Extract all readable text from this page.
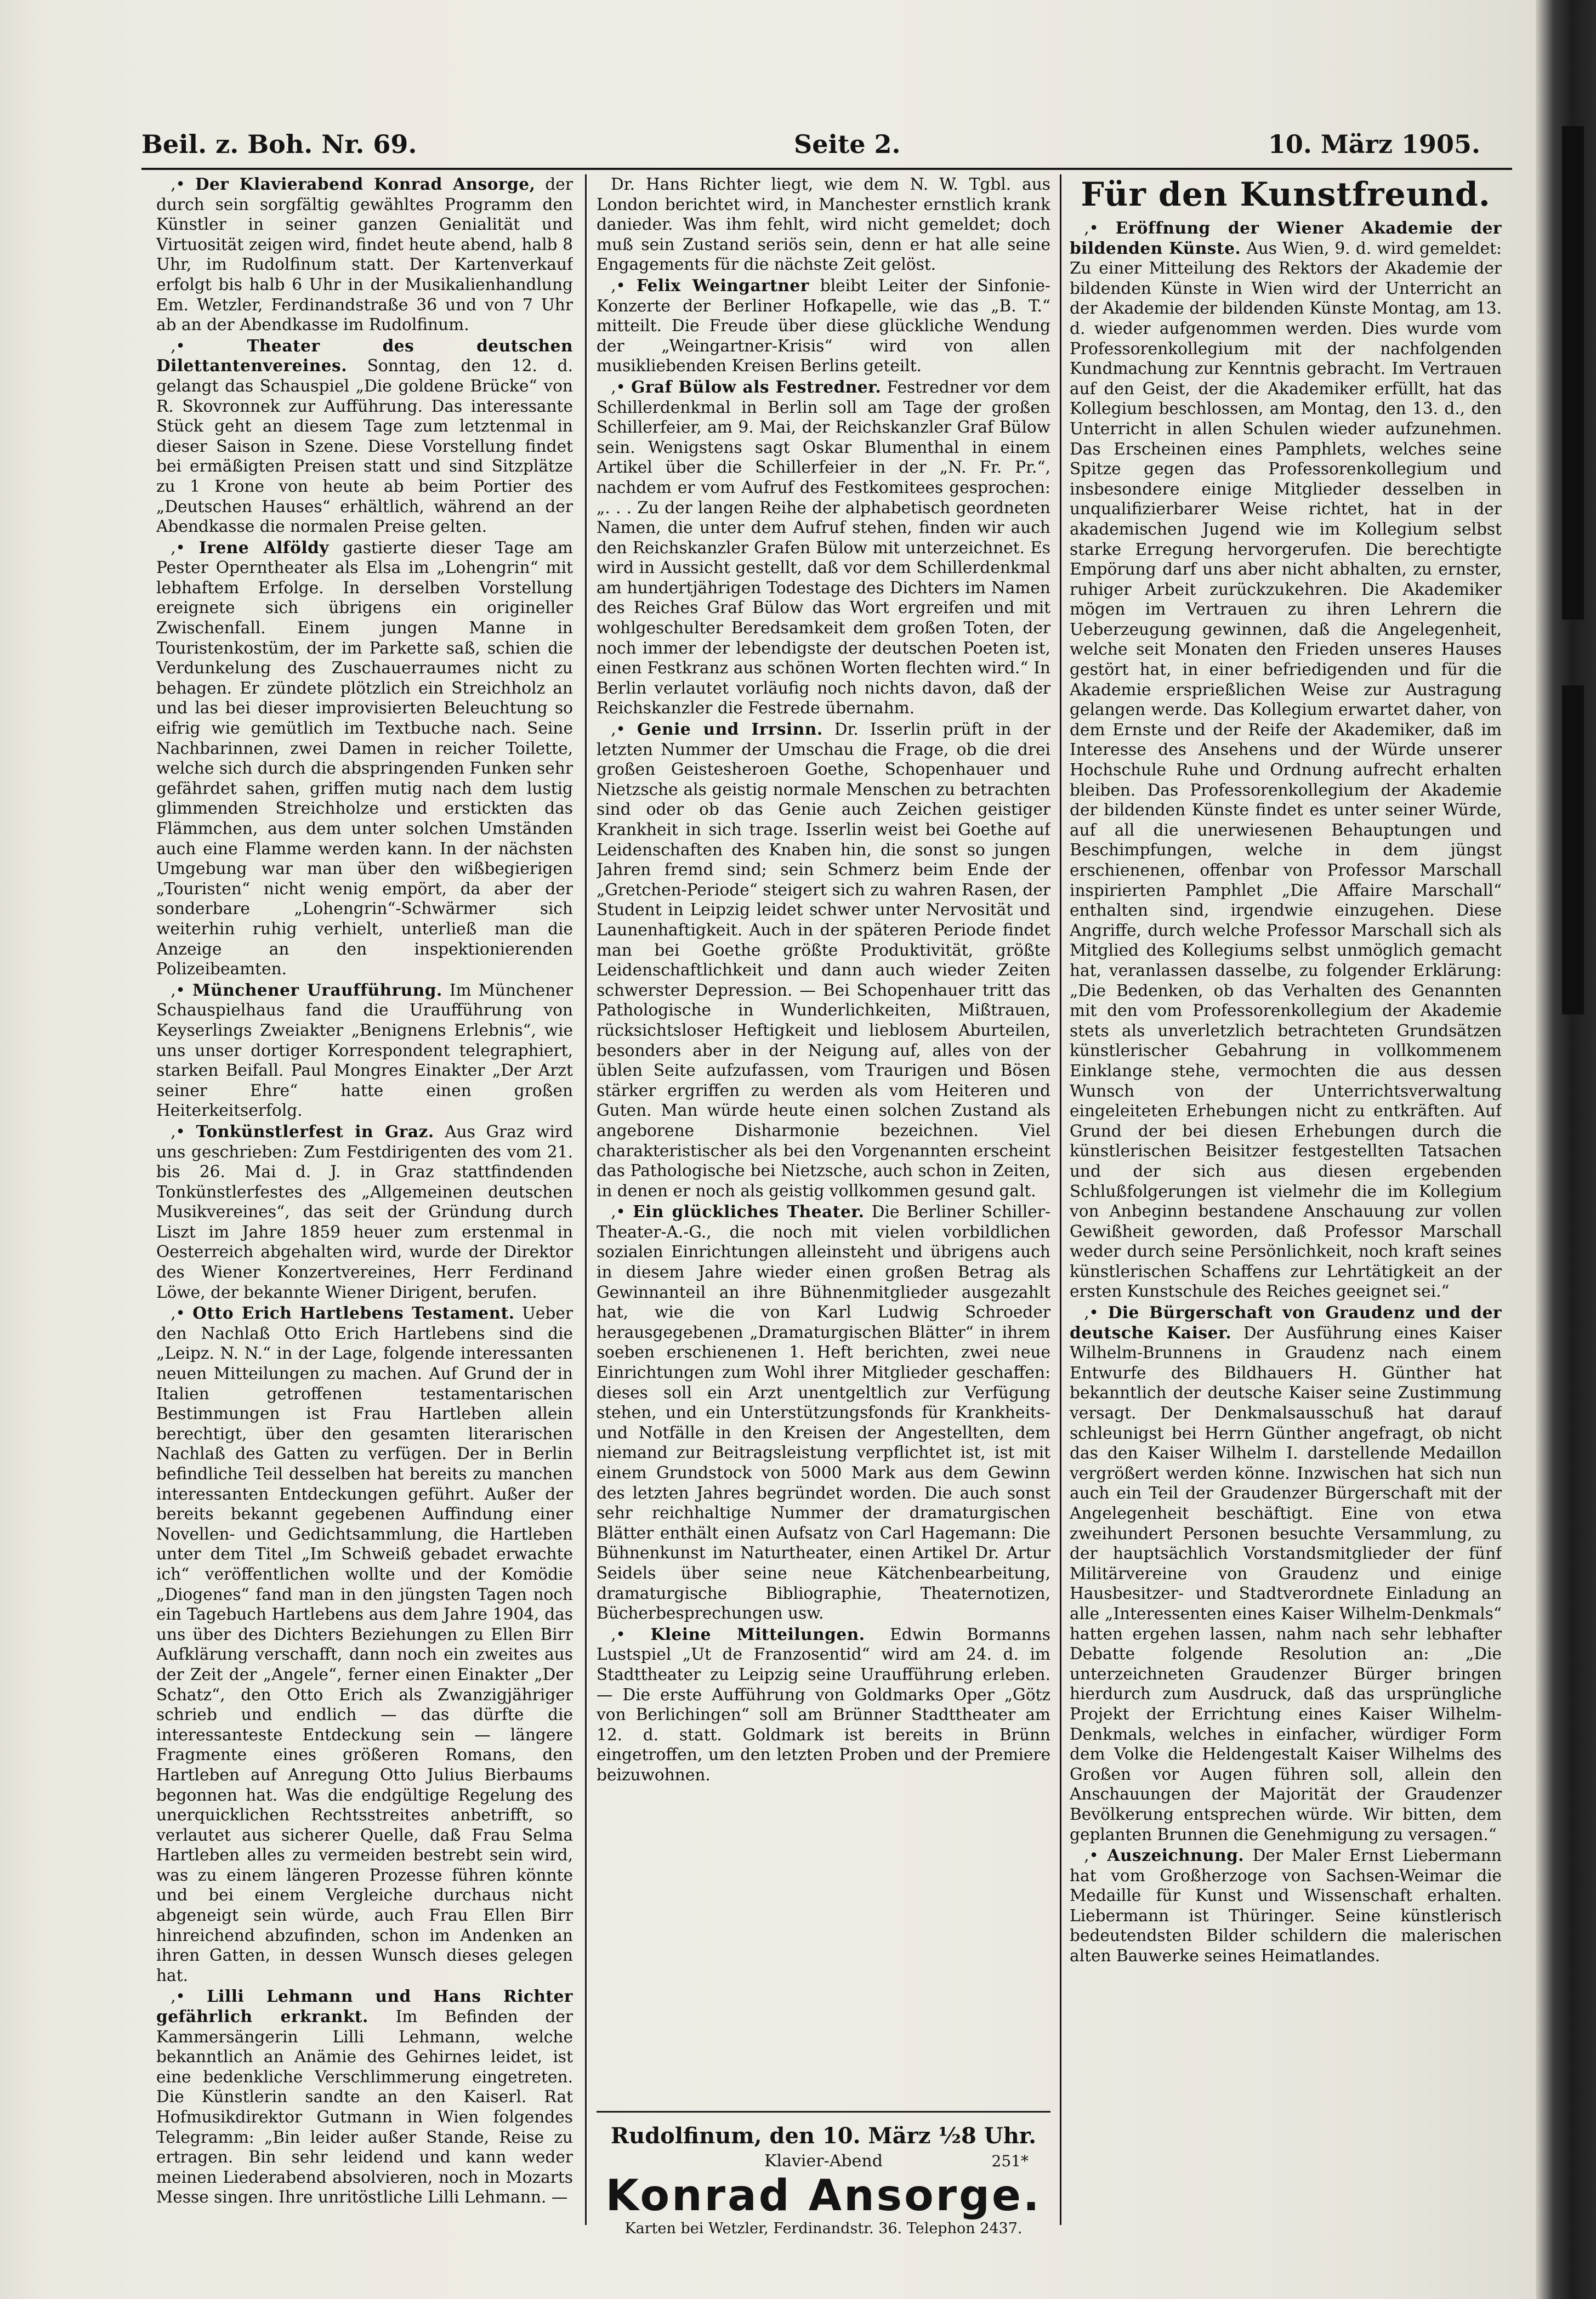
Beil. z. Boh. Nr. 69.	Seite 2.	10. März 1905.

‚• Der Klavierabend Konrad Ansorge, der durch sein sorgfältig gewähltes Programm den Künstler in seiner ganzen Genialität und Virtuosität zeigen wird, findet heute abend, halb 8 Uhr, im Rudolfinum statt. Der Kartenverkauf erfolgt bis halb 6 Uhr in der Musikalienhandlung Em. Wetzler, Ferdinandstraße 36 und von 7 Uhr ab an der Abendkasse im Rudolfinum.

‚• Theater des deutschen Dilettantenvereines. Sonntag, den 12. d. gelangt das Schauspiel „Die goldene Brücke“ von R. Skovronnek zur Aufführung. Das interessante Stück geht an diesem Tage zum letztenmal in dieser Saison in Szene. Diese Vorstellung findet bei ermäßigten Preisen statt und sind Sitzplätze zu 1 Krone von heute ab beim Portier des „Deutschen Hauses“ erhältlich, während an der Abendkasse die normalen Preise gelten.

‚• Irene Alföldy gastierte dieser Tage am Pester Operntheater als Elsa im „Lohengrin“ mit lebhaftem Erfolge. In derselben Vorstellung ereignete sich übrigens ein origineller Zwischenfall. Einem jungen Manne in Touristenkostüm, der im Parkette saß, schien die Verdunkelung des Zuschauerraumes nicht zu behagen. Er zündete plötzlich ein Streichholz an und las bei dieser improvisierten Beleuchtung so eifrig wie gemütlich im Textbuche nach. Seine Nachbarinnen, zwei Damen in reicher Toilette, welche sich durch die abspringenden Funken sehr gefährdet sahen, griffen mutig nach dem lustig glimmenden Streichholze und erstickten das Flämmchen, aus dem unter solchen Umständen auch eine Flamme werden kann. In der nächsten Umgebung war man über den wißbegierigen „Touristen“ nicht wenig empört, da aber der sonderbare „Lohengrin“-Schwärmer sich weiterhin ruhig verhielt, unterließ man die Anzeige an den inspektionierenden Polizeibeamten.

‚• Münchener Uraufführung. Im Münchener Schauspielhaus fand die Uraufführung von Keyserlings Zweiakter „Benignens Erlebnis“, wie uns unser dortiger Korrespondent telegraphiert, starken Beifall. Paul Mongres Einakter „Der Arzt seiner Ehre“ hatte einen großen Heiterkeitserfolg.

‚• Tonkünstlerfest in Graz. Aus Graz wird uns geschrieben: Zum Festdirigenten des vom 21. bis 26. Mai d. J. in Graz stattfindenden Tonkünstlerfestes des „Allgemeinen deutschen Musikvereines“, das seit der Gründung durch Liszt im Jahre 1859 heuer zum erstenmal in Oesterreich abgehalten wird, wurde der Direktor des Wiener Konzertvereines, Herr Ferdinand Löwe, der bekannte Wiener Dirigent, berufen.

‚• Otto Erich Hartlebens Testament. Ueber den Nachlaß Otto Erich Hartlebens sind die „Leipz. N. N.“ in der Lage, folgende interessanten neuen Mitteilungen zu machen. Auf Grund der in Italien getroffenen testamentarischen Bestimmungen ist Frau Hartleben allein berechtigt, über den gesamten literarischen Nachlaß des Gatten zu verfügen. Der in Berlin befindliche Teil desselben hat bereits zu manchen interessanten Entdeckungen geführt. Außer der bereits bekannt gegebenen Auffindung einer Novellen- und Gedichtsammlung, die Hartleben unter dem Titel „Im Schweiß gebadet erwachte ich“ veröffentlichen wollte und der Komödie „Diogenes“ fand man in den jüngsten Tagen noch ein Tagebuch Hartlebens aus dem Jahre 1904, das uns über des Dichters Beziehungen zu Ellen Birr Aufklärung verschafft, dann noch ein zweites aus der Zeit der „Angele“, ferner einen Einakter „Der Schatz“, den Otto Erich als Zwanzigjähriger schrieb und endlich — das dürfte die interessanteste Entdeckung sein — längere Fragmente eines größeren Romans, den Hartleben auf Anregung Otto Julius Bierbaums begonnen hat. Was die endgültige Regelung des unerquicklichen Rechtsstreites anbetrifft, so verlautet aus sicherer Quelle, daß Frau Selma Hartleben alles zu vermeiden bestrebt sein wird, was zu einem längeren Prozesse führen könnte und bei einem Vergleiche durchaus nicht abgeneigt sein würde, auch Frau Ellen Birr hinreichend abzufinden, schon im Andenken an ihren Gatten, in dessen Wunsch dieses gelegen hat.

‚• Lilli Lehmann und Hans Richter gefährlich erkrankt. Im Befinden der Kammersängerin Lilli Lehmann, welche bekanntlich an Anämie des Gehirnes leidet, ist eine bedenkliche Verschlimmerung eingetreten. Die Künstlerin sandte an den Kaiserl. Rat Hofmusikdirektor Gutmann in Wien folgendes Telegramm: „Bin leider außer Stande, Reise zu ertragen. Bin sehr leidend und kann weder meinen Liederabend absolvieren, noch in Mozarts Messe singen. Ihre unritöstliche Lilli Lehmann. —

Dr. Hans Richter liegt, wie dem N. W. Tgbl. aus London berichtet wird, in Manchester ernstlich krank danieder. Was ihm fehlt, wird nicht gemeldet; doch muß sein Zustand seriös sein, denn er hat alle seine Engagements für die nächste Zeit gelöst.

‚• Felix Weingartner bleibt Leiter der Sinfonie-Konzerte der Berliner Hofkapelle, wie das „B. T.“ mitteilt. Die Freude über diese glückliche Wendung der „Weingartner-Krisis“ wird von allen musikliebenden Kreisen Berlins geteilt.

‚• Graf Bülow als Festredner. Festredner vor dem Schillerdenkmal in Berlin soll am Tage der großen Schillerfeier, am 9. Mai, der Reichskanzler Graf Bülow sein. Wenigstens sagt Oskar Blumenthal in einem Artikel über die Schillerfeier in der „N. Fr. Pr.“, nachdem er vom Aufruf des Festkomitees gesprochen: „. . . Zu der langen Reihe der alphabetisch geordneten Namen, die unter dem Aufruf stehen, finden wir auch den Reichskanzler Grafen Bülow mit unterzeichnet. Es wird in Aussicht gestellt, daß vor dem Schillerdenkmal am hundertjährigen Todestage des Dichters im Namen des Reiches Graf Bülow das Wort ergreifen und mit wohlgeschulter Beredsamkeit dem großen Toten, der noch immer der lebendigste der deutschen Poeten ist, einen Festkranz aus schönen Worten flechten wird.“ In Berlin verlautet vorläufig noch nichts davon, daß der Reichskanzler die Festrede übernahm.

‚• Genie und Irrsinn. Dr. Isserlin prüft in der letzten Nummer der Umschau die Frage, ob die drei großen Geistesheroen Goethe, Schopenhauer und Nietzsche als geistig normale Menschen zu betrachten sind oder ob das Genie auch Zeichen geistiger Krankheit in sich trage. Isserlin weist bei Goethe auf Leidenschaften des Knaben hin, die sonst so jungen Jahren fremd sind; sein Schmerz beim Ende der „Gretchen-Periode“ steigert sich zu wahren Rasen, der Student in Leipzig leidet schwer unter Nervosität und Launenhaftigkeit. Auch in der späteren Periode findet man bei Goethe größte Produktivität, größte Leidenschaftlichkeit und dann auch wieder Zeiten schwerster Depression. — Bei Schopenhauer tritt das Pathologische in Wunderlichkeiten, Mißtrauen, rücksichtsloser Heftigkeit und lieblosem Aburteilen, besonders aber in der Neigung auf, alles von der üblen Seite aufzufassen, vom Traurigen und Bösen stärker ergriffen zu werden als vom Heiteren und Guten. Man würde heute einen solchen Zustand als angeborene Disharmonie bezeichnen. Viel charakteristischer als bei den Vorgenannten erscheint das Pathologische bei Nietzsche, auch schon in Zeiten, in denen er noch als geistig vollkommen gesund galt.

‚• Ein glückliches Theater. Die Berliner Schiller-Theater-A.-G., die noch mit vielen vorbildlichen sozialen Einrichtungen alleinsteht und übrigens auch in diesem Jahre wieder einen großen Betrag als Gewinnanteil an ihre Bühnenmitglieder ausgezahlt hat, wie die von Karl Ludwig Schroeder herausgegebenen „Dramaturgischen Blätter“ in ihrem soeben erschienenen 1. Heft berichten, zwei neue Einrichtungen zum Wohl ihrer Mitglieder geschaffen: dieses soll ein Arzt unentgeltlich zur Verfügung stehen, und ein Unterstützungsfonds für Krankheits- und Notfälle in den Kreisen der Angestellten, dem niemand zur Beitragsleistung verpflichtet ist, ist mit einem Grundstock von 5000 Mark aus dem Gewinn des letzten Jahres begründet worden. Die auch sonst sehr reichhaltige Nummer der dramaturgischen Blätter enthält einen Aufsatz von Carl Hagemann: Die Bühnenkunst im Naturtheater, einen Artikel Dr. Artur Seidels über seine neue Kätchenbearbeitung, dramaturgische Bibliographie, Theaternotizen, Bücherbesprechungen usw.

‚• Kleine Mitteilungen. Edwin Bormanns Lustspiel „Ut de Franzosentid“ wird am 24. d. im Stadttheater zu Leipzig seine Uraufführung erleben. — Die erste Aufführung von Goldmarks Oper „Götz von Berlichingen“ soll am Brünner Stadttheater am 12. d. statt. Goldmark ist bereits in Brünn eingetroffen, um den letzten Proben und der Premiere beizuwohnen.

Für den Kunstfreund.

‚• Eröffnung der Wiener Akademie der bildenden Künste. Aus Wien, 9. d. wird gemeldet: Zu einer Mitteilung des Rektors der Akademie der bildenden Künste in Wien wird der Unterricht an der Akademie der bildenden Künste Montag, am 13. d. wieder aufgenommen werden. Dies wurde vom Professorenkollegium mit der nachfolgenden Kundmachung zur Kenntnis gebracht. Im Vertrauen auf den Geist, der die Akademiker erfüllt, hat das Kollegium beschlossen, am Montag, den 13. d., den Unterricht in allen Schulen wieder aufzunehmen. Das Erscheinen eines Pamphlets, welches seine Spitze gegen das Professorenkollegium und insbesondere einige Mitglieder desselben in unqualifizierbarer Weise richtet, hat in der akademischen Jugend wie im Kollegium selbst starke Erregung hervorgerufen. Die berechtigte Empörung darf uns aber nicht abhalten, zu ernster, ruhiger Arbeit zurückzukehren. Die Akademiker mögen im Vertrauen zu ihren Lehrern die Ueberzeugung gewinnen, daß die Angelegenheit, welche seit Monaten den Frieden unseres Hauses gestört hat, in einer befriedigenden und für die Akademie ersprießlichen Weise zur Austragung gelangen werde. Das Kollegium erwartet daher, von dem Ernste und der Reife der Akademiker, daß im Interesse des Ansehens und der Würde unserer Hochschule Ruhe und Ordnung aufrecht erhalten bleiben. Das Professorenkollegium der Akademie der bildenden Künste findet es unter seiner Würde, auf all die unerwiesenen Behauptungen und Beschimpfungen, welche in dem jüngst erschienenen, offenbar von Professor Marschall inspirierten Pamphlet „Die Affaire Marschall“ enthalten sind, irgendwie einzugehen. Diese Angriffe, durch welche Professor Marschall sich als Mitglied des Kollegiums selbst unmöglich gemacht hat, veranlassen dasselbe, zu folgender Erklärung: „Die Bedenken, ob das Verhalten des Genannten mit den vom Professorenkollegium der Akademie stets als unverletzlich betrachteten Grundsätzen künstlerischer Gebahrung in vollkommenem Einklange stehe, vermochten die aus dessen Wunsch von der Unterrichtsverwaltung eingeleiteten Erhebungen nicht zu entkräften. Auf Grund der bei diesen Erhebungen durch die künstlerischen Beisitzer festgestellten Tatsachen und der sich aus diesen ergebenden Schlußfolgerungen ist vielmehr die im Kollegium von Anbeginn bestandene Anschauung zur vollen Gewißheit geworden, daß Professor Marschall weder durch seine Persönlichkeit, noch kraft seines künstlerischen Schaffens zur Lehrtätigkeit an der ersten Kunstschule des Reiches geeignet sei.“

‚• Die Bürgerschaft von Graudenz und der deutsche Kaiser. Der Ausführung eines Kaiser Wilhelm-Brunnens in Graudenz nach einem Entwurfe des Bildhauers H. Günther hat bekanntlich der deutsche Kaiser seine Zustimmung versagt. Der Denkmalsausschuß hat darauf schleunigst bei Herrn Günther angefragt, ob nicht das den Kaiser Wilhelm I. darstellende Medaillon vergrößert werden könne. Inzwischen hat sich nun auch ein Teil der Graudenzer Bürgerschaft mit der Angelegenheit beschäftigt. Eine von etwa zweihundert Personen besuchte Versammlung, zu der hauptsächlich Vorstandsmitglieder der fünf Militärvereine von Graudenz und einige Hausbesitzer- und Stadtverordnete Einladung an alle „Interessenten eines Kaiser Wilhelm-Denkmals“ hatten ergehen lassen, nahm nach sehr lebhafter Debatte folgende Resolution an: „Die unterzeichneten Graudenzer Bürger bringen hierdurch zum Ausdruck, daß das ursprüngliche Projekt der Errichtung eines Kaiser Wilhelm-Denkmals, welches in einfacher, würdiger Form dem Volke die Heldengestalt Kaiser Wilhelms des Großen vor Augen führen soll, allein den Anschauungen der Majorität der Graudenzer Bevölkerung entsprechen würde. Wir bitten, dem geplanten Brunnen die Genehmigung zu versagen.“

‚• Auszeichnung. Der Maler Ernst Liebermann hat vom Großherzoge von Sachsen-Weimar die Medaille für Kunst und Wissenschaft erhalten. Liebermann ist Thüringer. Seine künstlerisch bedeutendsten Bilder schildern die malerischen alten Bauwerke seines Heimatlandes.

Rudolfinum, den 10. März ½8 Uhr.
Klavier-Abend	251*
Konrad Ansorge.
Karten bei Wetzler, Ferdinandstr. 36. Telephon 2437.
